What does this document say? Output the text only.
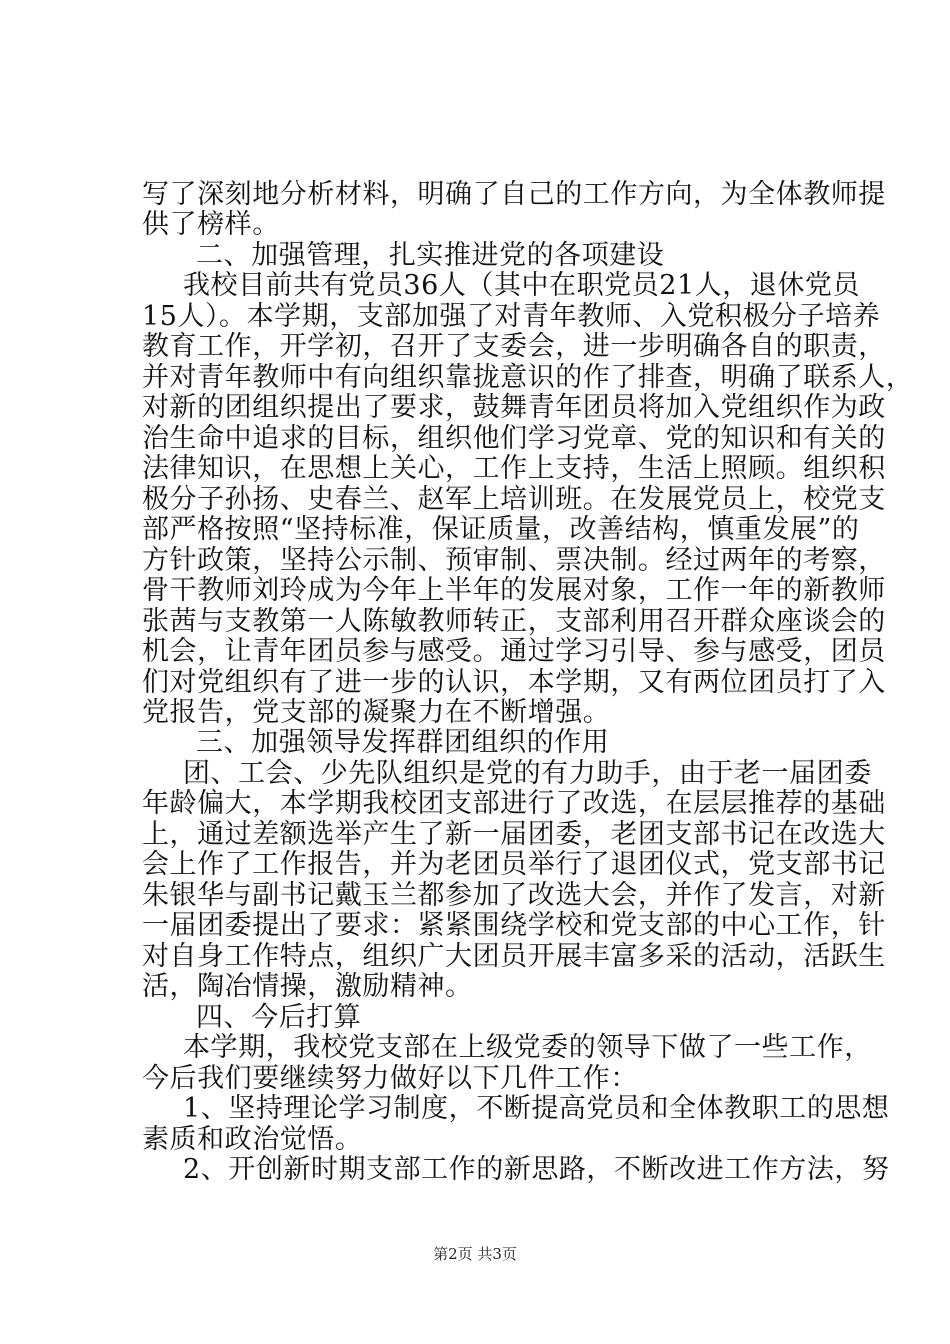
写了深刻地分析材料，明确了自己的工作方向，为全体教师提
供了榜样。
二、加强管理，扎实推进党的各项建设
我校目前共有党员36人（其中在职党员21人，退休党员
15人）。本学期，支部加强了对青年教师、入党积极分子培养
教育工作，开学初，召开了支委会，进一步明确各自的职责，
并对青年教师中有向组织靠拢意识的作了排查，明确了联系人，
对新的团组织提出了要求，鼓舞青年团员将加入党组织作为政
治生命中追求的目标，组织他们学习党章、党的知识和有关的
法律知识，在思想上关心，工作上支持，生活上照顾。组织积
极分子孙扬、史春兰、赵军上培训班。在发展党员上，校党支
部严格按照“坚持标准，保证质量，改善结构，慎重发展”的
方针政策，坚持公示制、预审制、票决制。经过两年的考察，
骨干教师刘玲成为今年上半年的发展对象，工作一年的新教师
张茜与支教第一人陈敏教师转正，支部利用召开群众座谈会的
机会，让青年团员参与感受。通过学习引导、参与感受，团员
们对党组织有了进一步的认识，本学期，又有两位团员打了入
党报告，党支部的凝聚力在不断增强。
三、加强领导发挥群团组织的作用
团、工会、少先队组织是党的有力助手，由于老一届团委
年龄偏大，本学期我校团支部进行了改选，在层层推荐的基础
上，通过差额选举产生了新一届团委，老团支部书记在改选大
会上作了工作报告，并为老团员举行了退团仪式，党支部书记
朱银华与副书记戴玉兰都参加了改选大会，并作了发言，对新
一届团委提出了要求：紧紧围绕学校和党支部的中心工作，针
对自身工作特点，组织广大团员开展丰富多采的活动，活跃生
活，陶冶情操，激励精神。
四、今后打算
本学期，我校党支部在上级党委的领导下做了一些工作，
今后我们要继续努力做好以下几件工作：
1、坚持理论学习制度，不断提高党员和全体教职工的思想
素质和政治觉悟。
2、开创新时期支部工作的新思路，不断改进工作方法，努
第2页 共3页
